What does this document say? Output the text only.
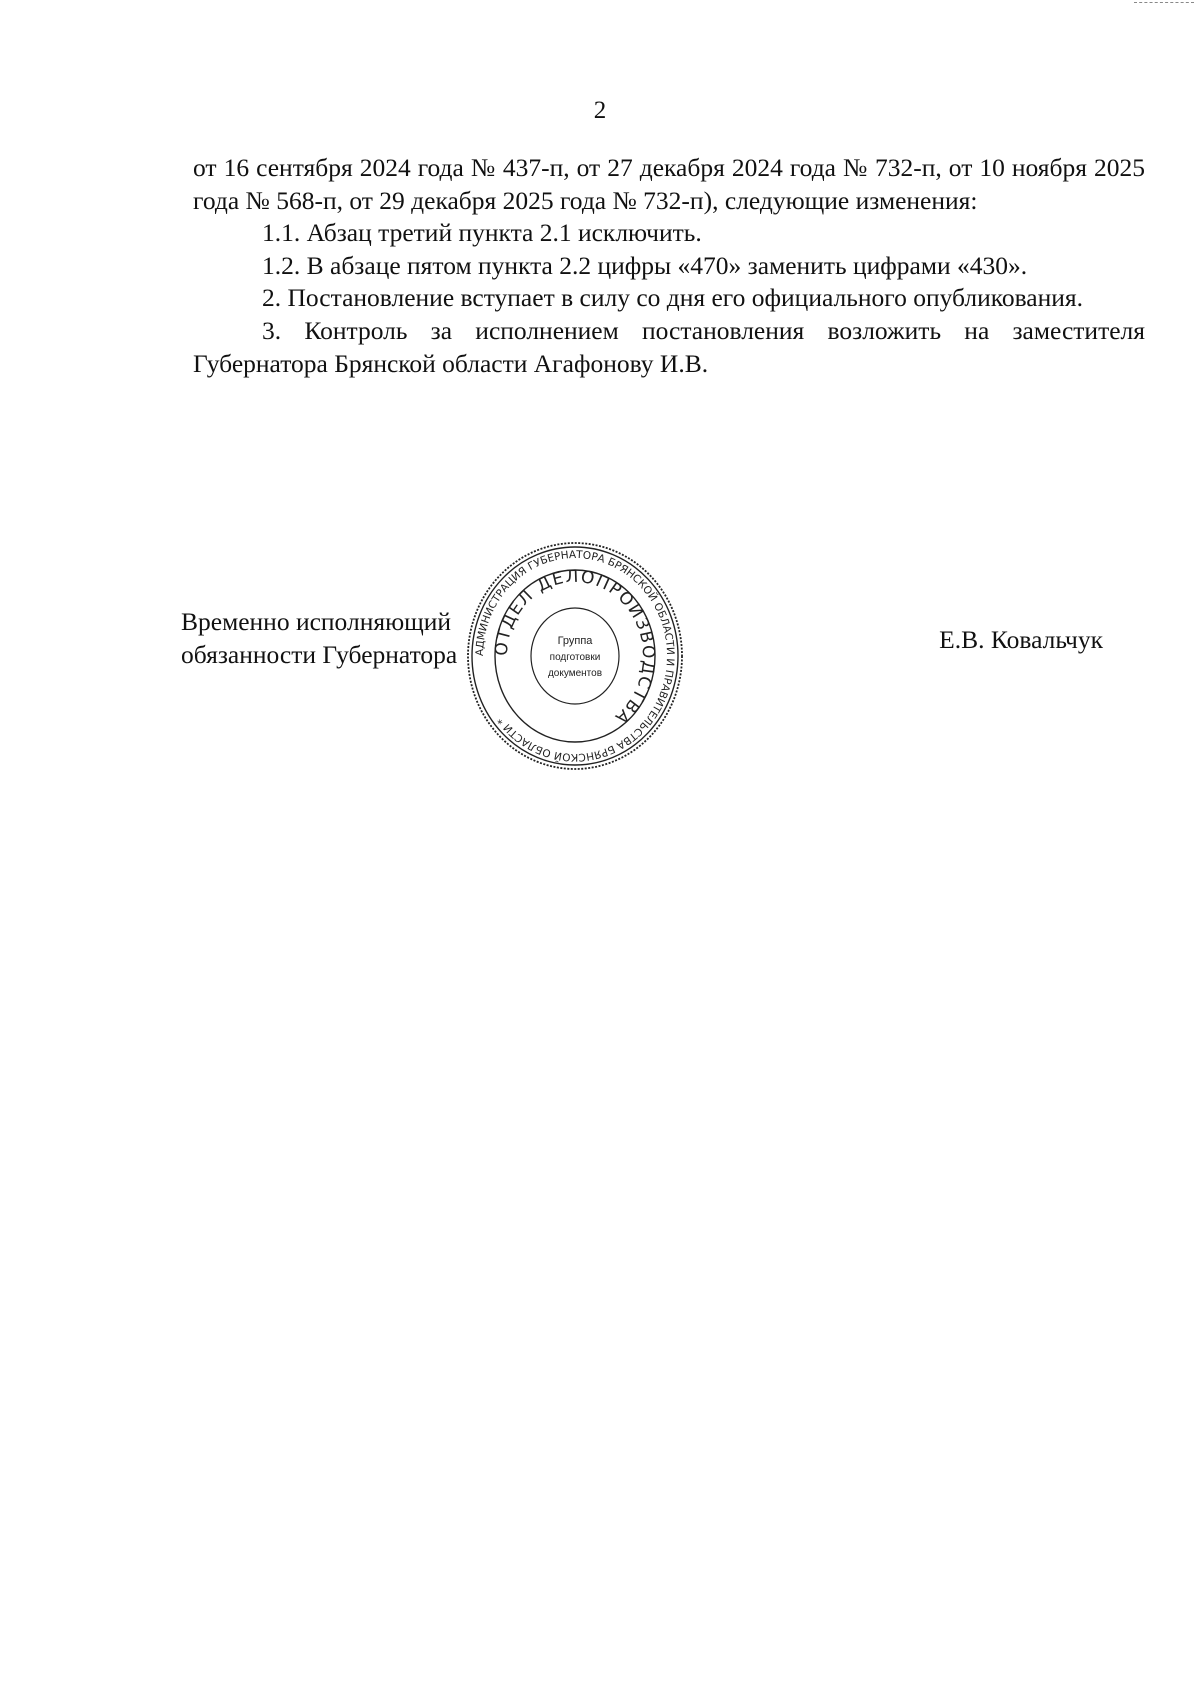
2

от 16 сентября 2024 года № 437-п, от 27 декабря 2024 года № 732-п, от 10 ноября 2025 года № 568-п, от 29 декабря 2025 года № 732-п), следующие изменения:

1.1. Абзац третий пункта 2.1 исключить.

1.2. В абзаце пятом пункта 2.2 цифры «470» заменить цифрами «430».

2. Постановление вступает в силу со дня его официального опубликования.

3. Контроль за исполнением постановления возложить на заместителя Губернатора Брянской области Агафонову И.В.

Временно исполняющий
обязанности Губернатора
Е.В. Ковальчук
АДМИНИСТРАЦИЯ ГУБЕРНАТОРА БРЯНСКОЙ ОБЛАСТИ И ПРАВИТЕЛЬСТВА БРЯНСКОЙ ОБЛАСТИ *
ОТДЕЛ ДЕЛОПРОИЗВОДСТВА
Группа
подготовки
документов
